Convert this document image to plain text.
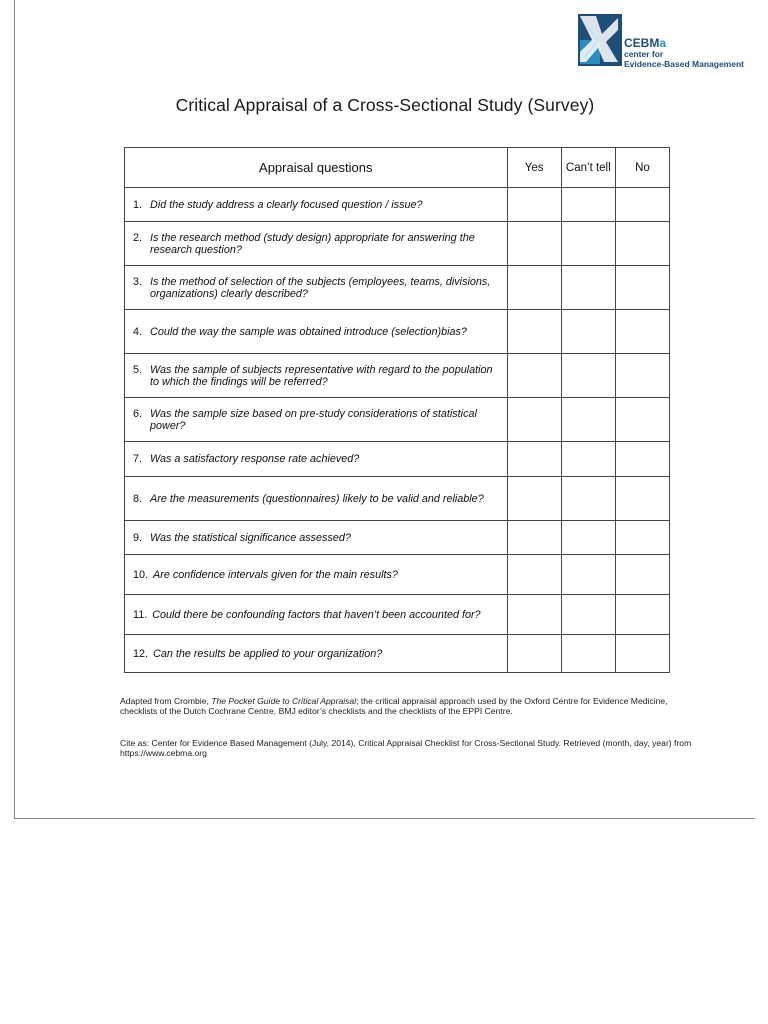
CEBMa
center for
Evidence-Based Management
Critical Appraisal of a Cross-Sectional Study (Survey)
Appraisal questions	Yes	Can’t tell	No

1. Did the study address a clearly focused question / issue?			

2. Is the research method (study design) appropriate for answering the research question?			

3. Is the method of selection of the subjects (employees, teams, divisions, organizations) clearly described?			

4. Could the way the sample was obtained introduce (selection)bias?			

5. Was the sample of subjects representative with regard to the population to which the findings will be referred?			

6. Was the sample size based on pre-study considerations of statistical power?			

7. Was a satisfactory response rate achieved?			

8. Are the measurements (questionnaires) likely to be valid and reliable?			

9. Was the statistical significance assessed?			

10. Are confidence intervals given for the main results?			

11. Could there be confounding factors that haven’t been accounted for?			

12. Can the results be applied to your organization?			

Adapted from Crombie, The Pocket Guide to Critical Appraisal; the critical appraisal approach used by the Oxford Centre for Evidence Medicine, checklists of the Dutch Cochrane Centre, BMJ editor’s checklists and the checklists of the EPPI Centre.
Cite as: Center for Evidence Based Management (July, 2014), Critical Appraisal Checklist for Cross-Sectional Study. Retrieved (month, day, year) from https://www.cebma.org
